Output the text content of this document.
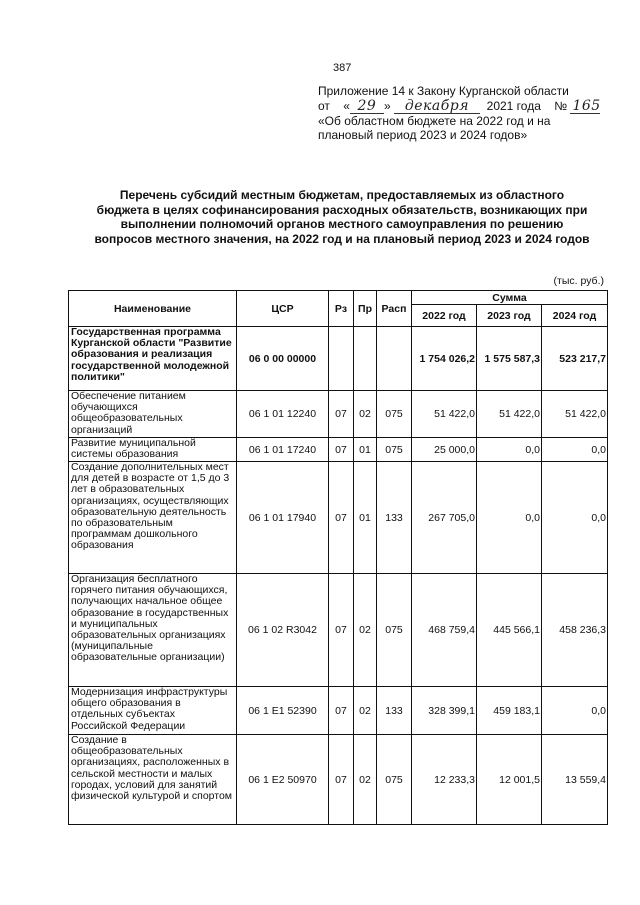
387
Приложение 14 к Закону Курганской области
от « 29 » декабря 2021 года № 165
«Об областном бюджете на 2022 год и на
плановый период 2023 и 2024 годов»
Перечень субсидий местным бюджетам, предоставляемых из областного
бюджета в целях софинансирования расходных обязательств, возникающих при
выполнении полномочий органов местного самоуправления по решению
вопросов местного значения, на 2022 год и на плановый период 2023 и 2024 годов
(тыс. руб.)
Наименование	ЦСР	Рз	Пр	Расп	Сумма		
					2022 год	2023 год	2024 год
Государственная программа Курганской области "Развитие образования и реализация государственной молодежной политики"	06 0 00 00000				1 754 026,2	1 575 587,3	523 217,7
Обеспечение питанием обучающихся общеобразовательных организаций	06 1 01 12240	07	02	075	51 422,0	51 422,0	51 422,0
Развитие муниципальной системы образования	06 1 01 17240	07	01	075	25 000,0	0,0	0,0
Создание дополнительных мест для детей в возрасте от 1,5 до 3 лет в образовательных организациях, осуществляющих образовательную деятельность по образовательным программам дошкольного образования	06 1 01 17940	07	01	133	267 705,0	0,0	0,0
Организация бесплатного горячего питания обучающихся, получающих начальное общее образование в государственных и муниципальных образовательных организациях (муниципальные образовательные организации)	06 1 02 R3042	07	02	075	468 759,4	445 566,1	458 236,3
Модернизация инфраструктуры общего образования в отдельных субъектах Российской Федерации	06 1 E1 52390	07	02	133	328 399,1	459 183,1	0,0
Создание в общеобразовательных организациях, расположенных в сельской местности и малых городах, условий для занятий физической культурой и спортом	06 1 E2 50970	07	02	075	12 233,3	12 001,5	13 559,4
